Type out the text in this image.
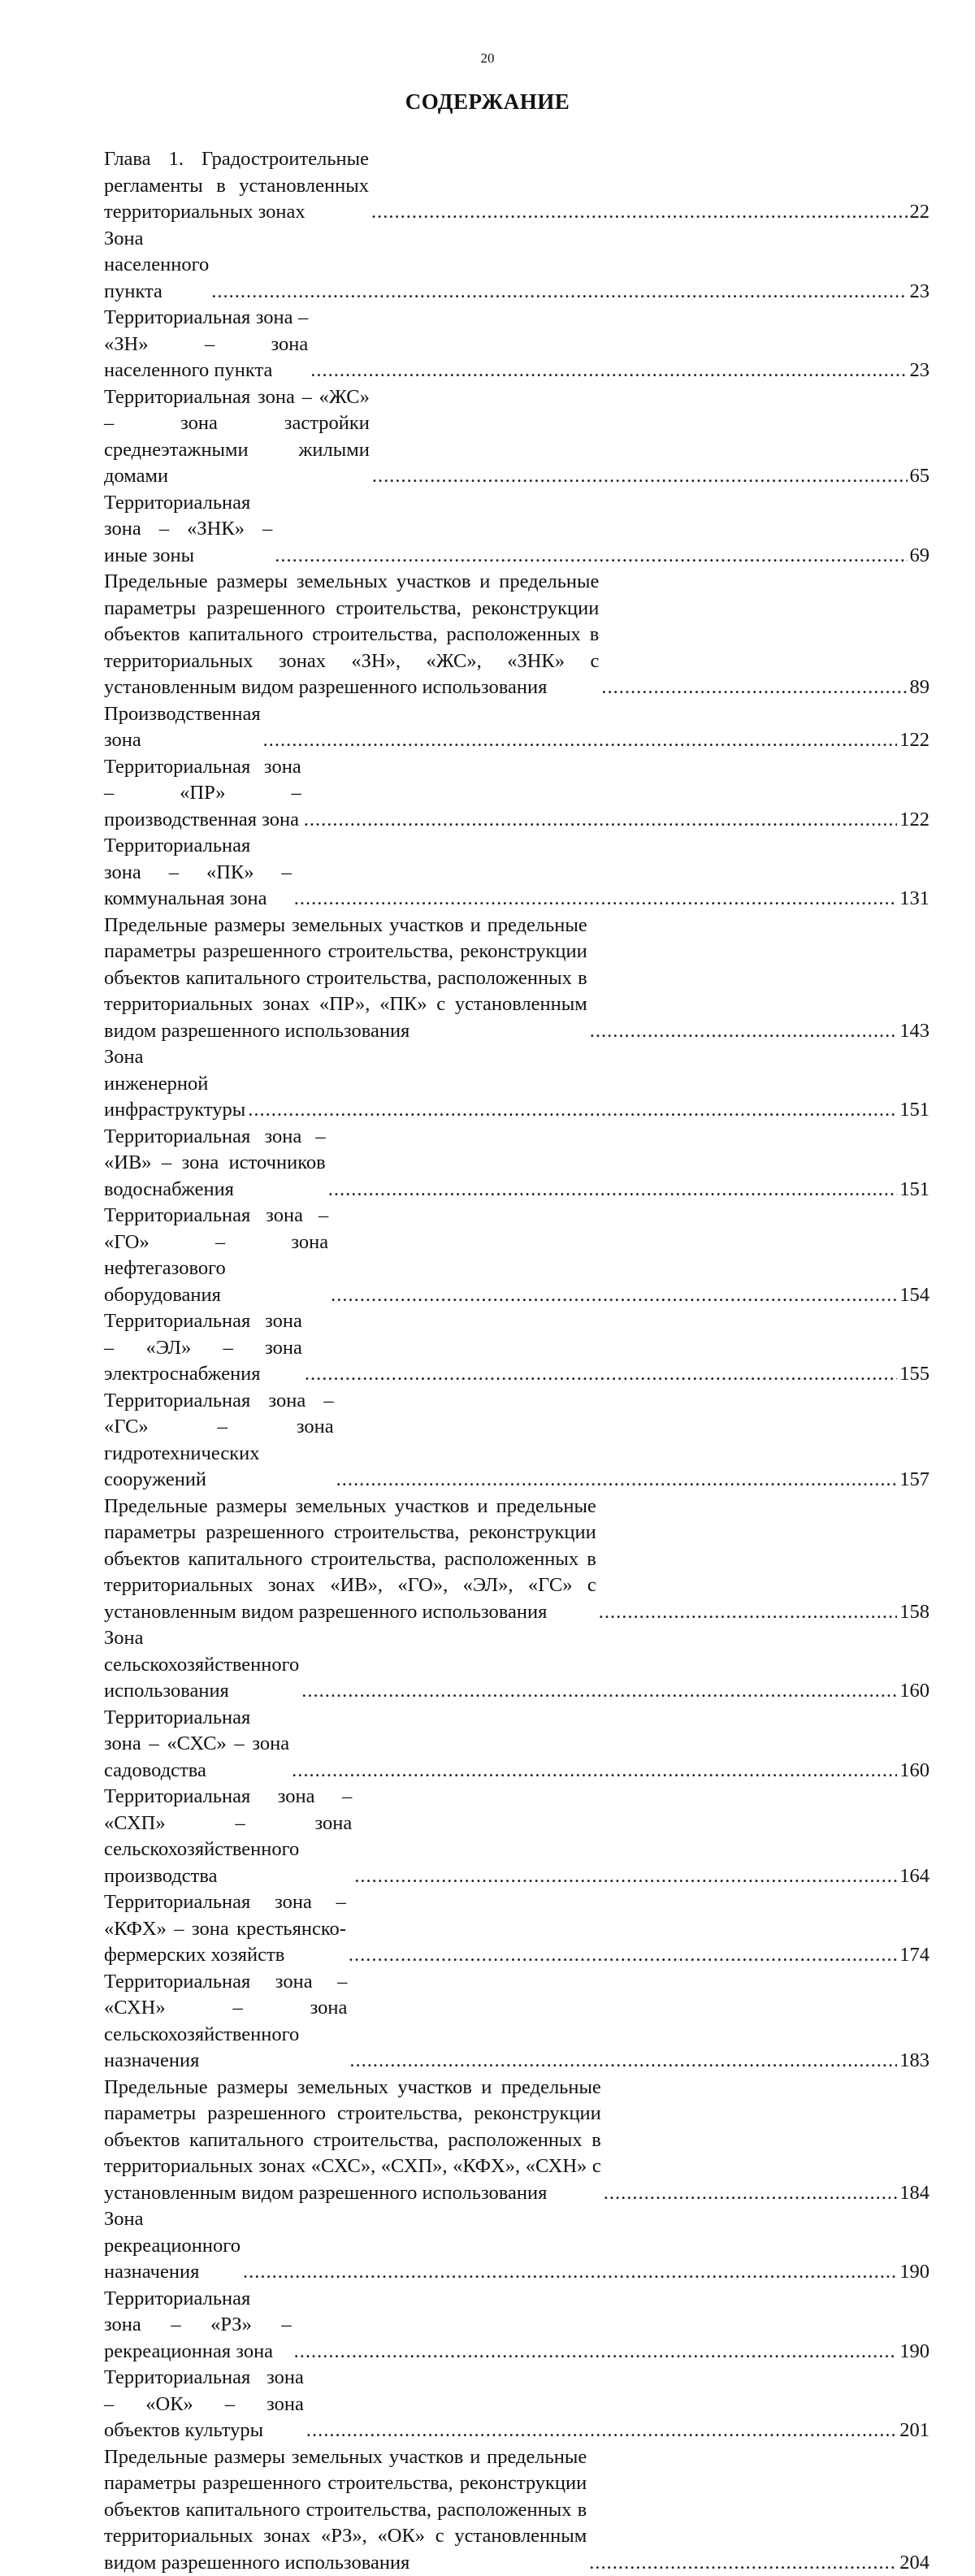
20
СОДЕРЖАНИЕ
Глава 1. Градостроительные регламенты в установленных территориальных зонах .....	22
Зона населенного пункта .....	23
Территориальная зона – «ЗН» – зона населенного пункта .....	23
Территориальная зона – «ЖС» – зона застройки среднеэтажными жилыми домами .....	65
Территориальная зона – «ЗНК» – иные зоны .....	69
Предельные размеры земельных участков и предельные параметры разрешенного строительства, реконструкции объектов капитального строительства, расположенных в территориальных зонах «ЗН», «ЖС», «ЗНК» с установленным видом разрешенного использования .....	89
Производственная зона .....	122
Территориальная зона – «ПР» – производственная зона .....	122
Территориальная зона – «ПК» – коммунальная зона .....	131
Предельные размеры земельных участков и предельные параметры разрешенного строительства, реконструкции объектов капитального строительства, расположенных в территориальных зонах «ПР», «ПК» с установленным видом разрешенного использования .....	143
Зона инженерной инфраструктуры .....	151
Территориальная зона – «ИВ» – зона источников водоснабжения .....	151
Территориальная зона – «ГО» – зона нефтегазового оборудования .....	154
Территориальная зона – «ЭЛ» – зона электроснабжения .....	155
Территориальная зона – «ГС» – зона гидротехнических сооружений .....	157
Предельные размеры земельных участков и предельные параметры разрешенного строительства, реконструкции объектов капитального строительства, расположенных в территориальных зонах «ИВ», «ГО», «ЭЛ», «ГС» с установленным видом разрешенного использования .....	158
Зона сельскохозяйственного использования .....	160
Территориальная зона – «СХС» – зона садоводства .....	160
Территориальная зона – «СХП» – зона сельскохозяйственного производства .....	164
Территориальная зона – «КФХ» – зона крестьянско-фермерских хозяйств .....	174
Территориальная зона – «СХН» – зона сельскохозяйственного назначения .....	183
Предельные размеры земельных участков и предельные параметры разрешенного строительства, реконструкции объектов капитального строительства, расположенных в территориальных зонах «СХС», «СХП», «КФХ», «СХН» с установленным видом разрешенного использования .....	184
Зона рекреационного назначения .....	190
Территориальная зона – «РЗ» – рекреационная зона .....	190
Территориальная зона – «ОК» – зона объектов культуры .....	201
Предельные размеры земельных участков и предельные параметры разрешенного строительства, реконструкции объектов капитального строительства, расположенных в территориальных зонах «РЗ», «ОК» с установленным видом разрешенного использования .....	204
